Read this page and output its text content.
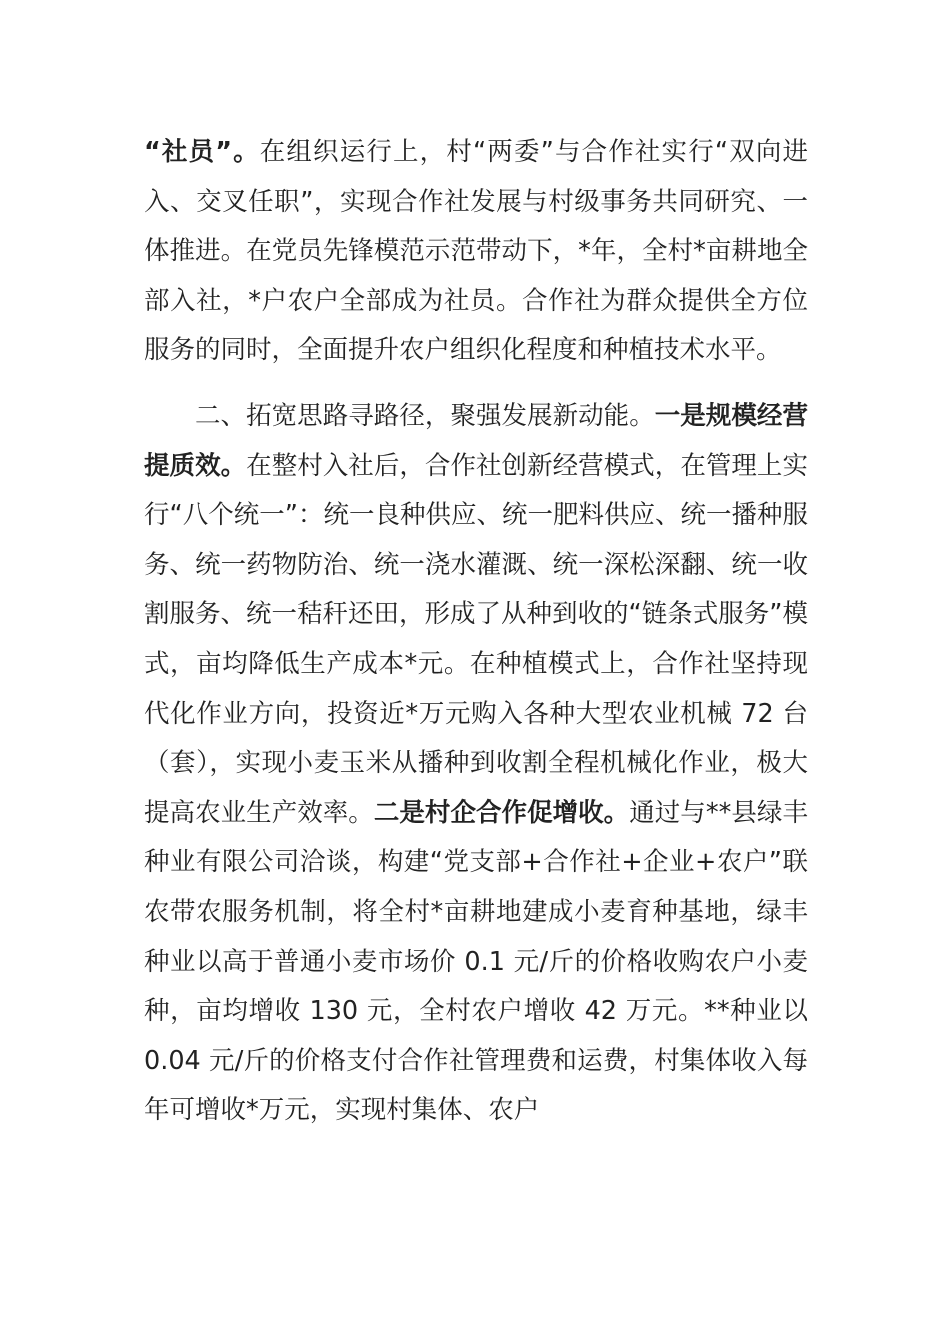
“社员”。在组织运行上，村“两委”与合作社实行“双向进入、交叉任职”，实现合作社发展与村级事务共同研究、一体推进。在党员先锋模范示范带动下，*年，全村*亩耕地全部入社，*户农户全部成为社员。合作社为群众提供全方位服务的同时，全面提升农户组织化程度和种植技术水平。

二、拓宽思路寻路径，聚强发展新动能。一是规模经营提质效。在整村入社后，合作社创新经营模式，在管理上实行“八个统一”：统一良种供应、统一肥料供应、统一播种服务、统一药物防治、统一浇水灌溉、统一深松深翻、统一收割服务、统一秸秆还田，形成了从种到收的“链条式服务”模式，亩均降低生产成本*元。在种植模式上，合作社坚持现代化作业方向，投资近*万元购入各种大型农业机械 72 台（套），实现小麦玉米从播种到收割全程机械化作业，极大提高农业生产效率。二是村企合作促增收。通过与**县绿丰种业有限公司洽谈，构建“党支部+合作社+企业+农户”联农带农服务机制，将全村*亩耕地建成小麦育种基地，绿丰种业以高于普通小麦市场价 0.1 元/斤的价格收购农户小麦种，亩均增收 130 元，全村农户增收 42 万元。**种业以 0.04 元/斤的价格支付合作社管理费和运费，村集体收入每年可增收*万元，实现村集体、农户
